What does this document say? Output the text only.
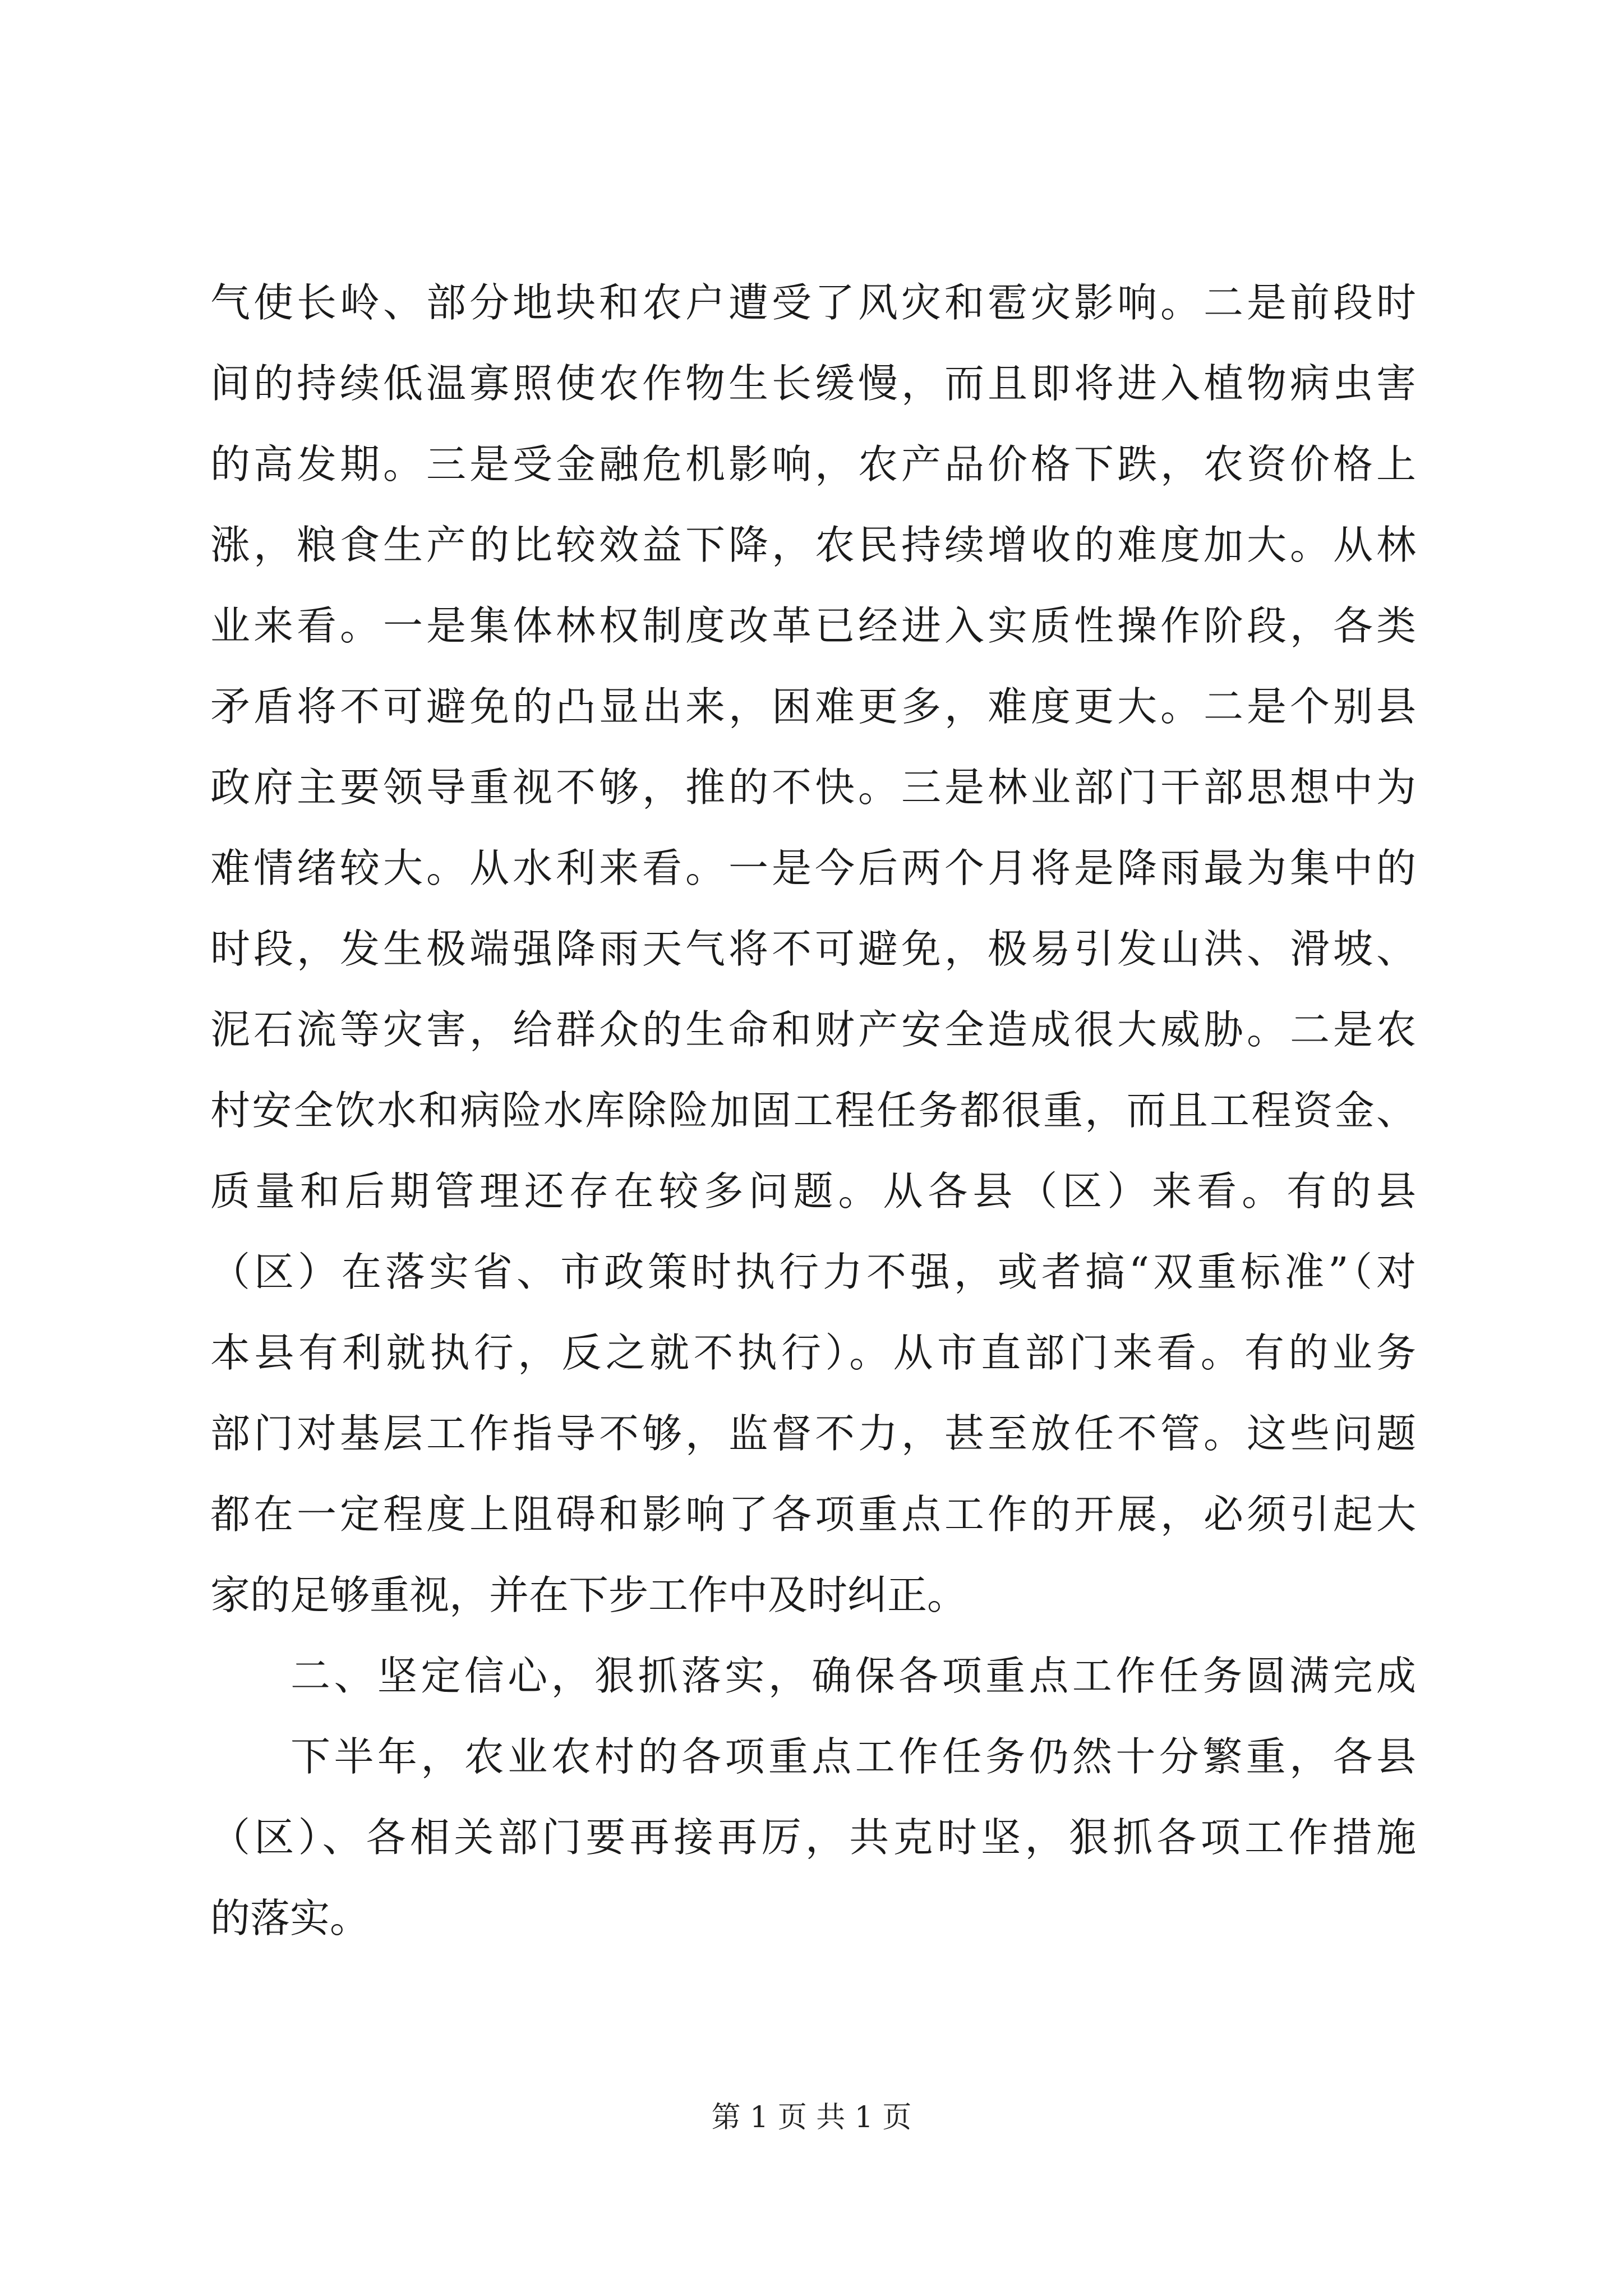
气使长岭、部分地块和农户遭受了风灾和雹灾影响。二是前段时
间的持续低温寡照使农作物生长缓慢，而且即将进入植物病虫害
的高发期。三是受金融危机影响，农产品价格下跌，农资价格上
涨，粮食生产的比较效益下降，农民持续增收的难度加大。从林
业来看。一是集体林权制度改革已经进入实质性操作阶段，各类
矛盾将不可避免的凸显出来，困难更多，难度更大。二是个别县
政府主要领导重视不够，推的不快。三是林业部门干部思想中为
难情绪较大。从水利来看。一是今后两个月将是降雨最为集中的
时段，发生极端强降雨天气将不可避免，极易引发山洪、滑坡、
泥石流等灾害，给群众的生命和财产安全造成很大威胁。二是农
村安全饮水和病险水库除险加固工程任务都很重，而且工程资金、
质量和后期管理还存在较多问题。从各县（区）来看。有的县
（区）在落实省、市政策时执行力不强，或者搞“双重标准”（对
本县有利就执行，反之就不执行）。从市直部门来看。有的业务
部门对基层工作指导不够，监督不力，甚至放任不管。这些问题
都在一定程度上阻碍和影响了各项重点工作的开展，必须引起大
家的足够重视，并在下步工作中及时纠正。
二、坚定信心，狠抓落实，确保各项重点工作任务圆满完成
下半年，农业农村的各项重点工作任务仍然十分繁重，各县
（区）、各相关部门要再接再厉，共克时坚，狠抓各项工作措施
的落实。
第 1 页 共 1 页
